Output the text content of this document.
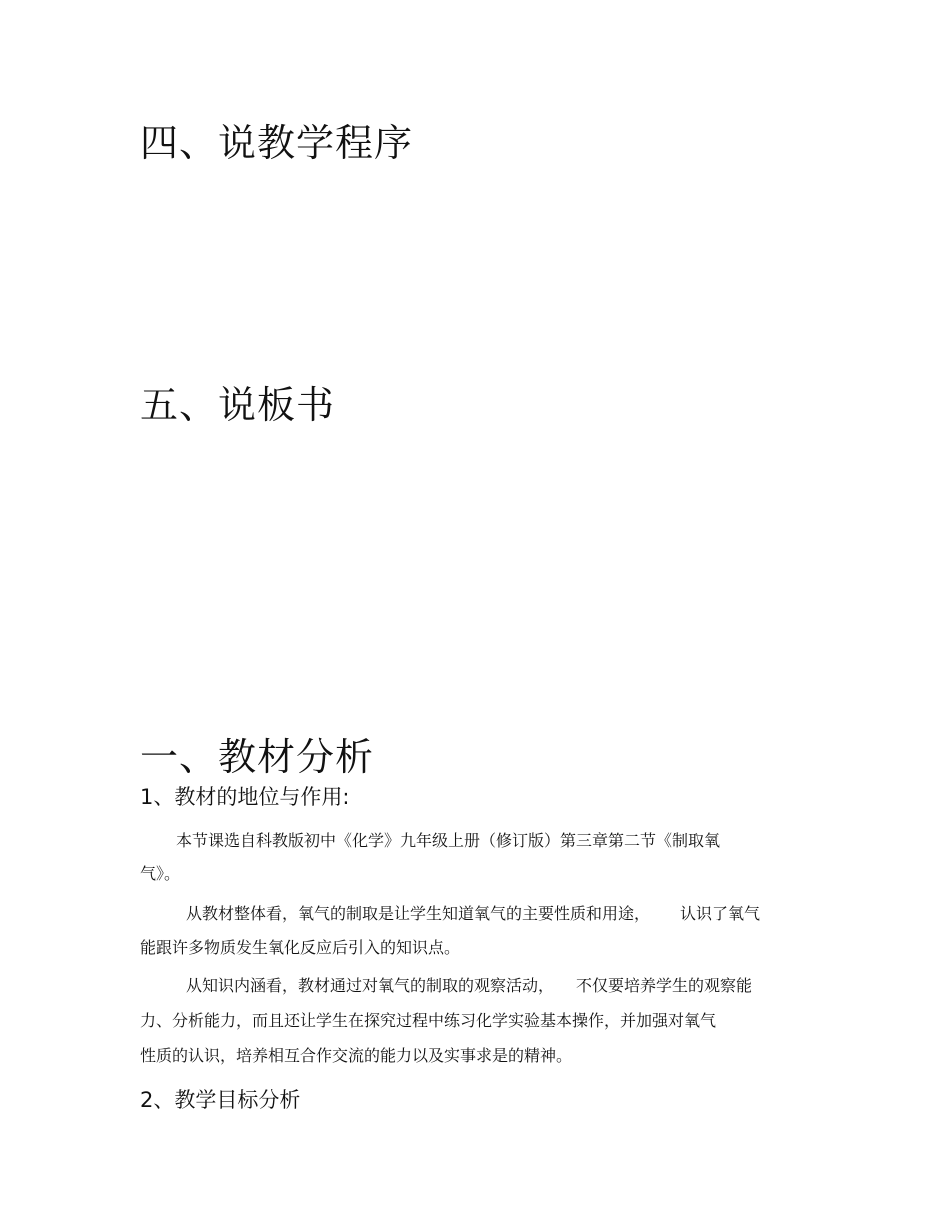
四、说教学程序
五、说板书
一、教材分析
1、教材的地位与作用:

本节课选自科教版初中《化学》九年级上册（修订版）第三章第二节《制取氧

气》。

从教材整体看，氧气的制取是让学生知道氧气的主要性质和用途， 认识了氧气

能跟许多物质发生氧化反应后引入的知识点。

从知识内涵看，教材通过对氧气的制取的观察活动， 不仅要培养学生的观察能

力、分析能力，而且还让学生在探究过程中练习化学实验基本操作，并加强对氧气

性质的认识，培养相互合作交流的能力以及实事求是的精神。

2、教学目标分析
